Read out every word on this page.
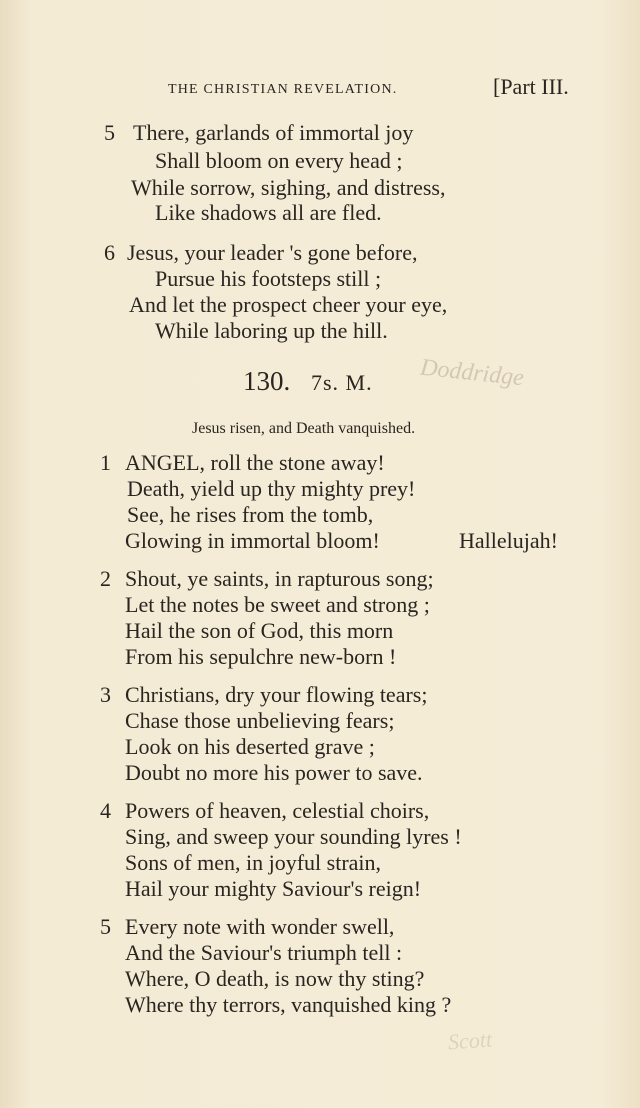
THE CHRISTIAN REVELATION.	[Part III.
5 There, garlands of immortal joy
Shall bloom on every head ;
While sorrow, sighing, and distress,
Like shadows all are fled.
6 Jesus, your leader 's gone before,
Pursue his footsteps still ;
And let the prospect cheer your eye,
While laboring up the hill.
130. 7s. M. Doddridge
Jesus risen, and Death vanquished.
1 ANGEL, roll the stone away!
Death, yield up thy mighty prey!
See, he rises from the tomb,
Glowing in immortal bloom!	Hallelujah!
2 Shout, ye saints, in rapturous song;
Let the notes be sweet and strong ;
Hail the son of God, this morn
From his sepulchre new-born !
3 Christians, dry your flowing tears;
Chase those unbelieving fears;
Look on his deserted grave ;
Doubt no more his power to save.
4 Powers of heaven, celestial choirs,
Sing, and sweep your sounding lyres !
Sons of men, in joyful strain,
Hail your mighty Saviour's reign!
5 Every note with wonder swell,
And the Saviour's triumph tell :
Where, O death, is now thy sting?
Where thy terrors, vanquished king ?
Scott
